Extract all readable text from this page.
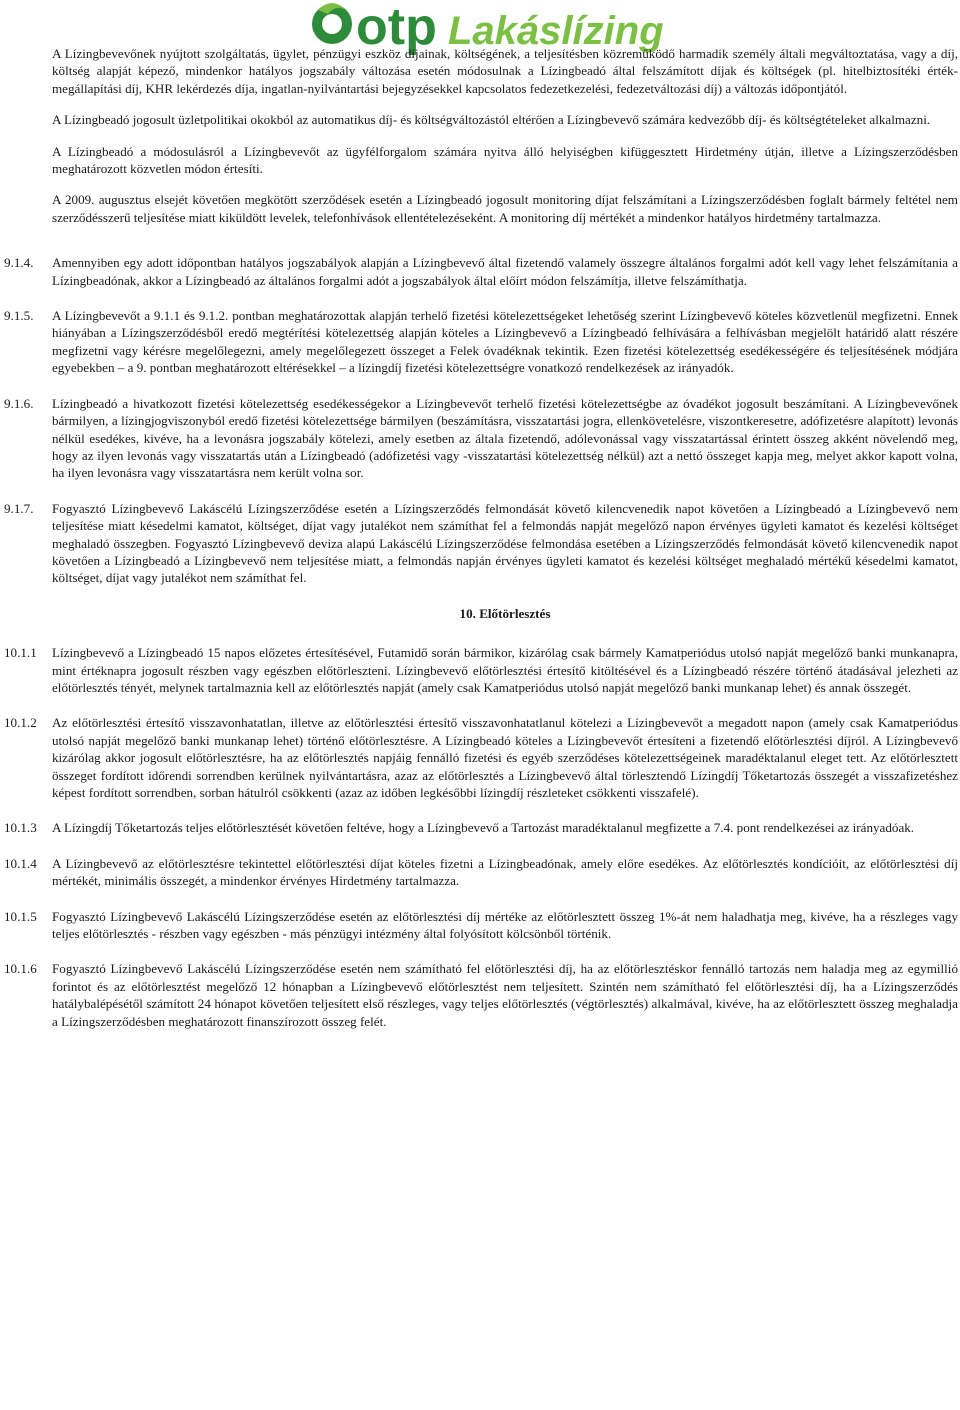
otp Lakáslízing

A Lízingbevevőnek nyújtott szolgáltatás, ügylet, pénzügyi eszköz díjainak, költségének, a teljesítésben közreműködő harmadik személy általi megváltoztatása, vagy a díj, költség alapját képező, mindenkor hatályos jogszabály változása esetén módosulnak a Lízingbeadó által felszámított díjak és költségek (pl. hitelbiztosítéki érték-megállapítási díj, KHR lekérdezés díja, ingatlan-nyilvántartási bejegyzésekkel kapcsolatos fedezetkezelési, fedezetváltozási díj) a változás időpontjától.

A Lízingbeadó jogosult üzletpolitikai okokból az automatikus díj- és költségváltozástól eltérően a Lízingbevevő számára kedvezőbb díj- és költségtételeket alkalmazni.

A Lízingbeadó a módosulásról a Lízingbevevőt az ügyfélforgalom számára nyitva álló helyiségben kifüggesztett Hirdetmény útján, illetve a Lízingszerződésben meghatározott közvetlen módon értesíti.

A 2009. augusztus elsejét követően megkötött szerződések esetén a Lízingbeadó jogosult monitoring díjat felszámítani a Lízingszerződésben foglalt bármely feltétel nem szerződésszerű teljesítése miatt kiküldött levelek, telefonhívások ellentételezéseként. A monitoring díj mértékét a mindenkor hatályos hirdetmény tartalmazza.

9.1.4. Amennyiben egy adott időpontban hatályos jogszabályok alapján a Lízingbevevő által fizetendő valamely összegre általános forgalmi adót kell vagy lehet felszámítania a Lízingbeadónak, akkor a Lízingbeadó az általános forgalmi adót a jogszabályok által előírt módon felszámítja, illetve felszámíthatja.

9.1.5. A Lízingbevevőt a 9.1.1 és 9.1.2. pontban meghatározottak alapján terhelő fizetési kötelezettségeket lehetőség szerint Lízingbevevő köteles közvetlenül megfizetni. Ennek hiányában a Lízingszerződésből eredő megtérítési kötelezettség alapján köteles a Lízingbevevő a Lízingbeadó felhívására a felhívásban megjelölt határidő alatt részére megfizetni vagy kérésre megelőlegezni, amely megelőlegezett összeget a Felek óvadéknak tekintik. Ezen fizetési kötelezettség esedékességére és teljesítésének módjára egyebekben – a 9. pontban meghatározott eltérésekkel – a lízingdíj fizetési kötelezettségre vonatkozó rendelkezések az irányadók.

9.1.6. Lízingbeadó a hivatkozott fizetési kötelezettség esedékességekor a Lízingbevevőt terhelő fizetési kötelezettségbe az óvadékot jogosult beszámítani. A Lízingbevevőnek bármilyen, a lízingjogviszonyból eredő fizetési kötelezettsége bármilyen (beszámításra, visszatartási jogra, ellenkövetelésre, viszontkeresetre, adófizetésre alapított) levonás nélkül esedékes, kivéve, ha a levonásra jogszabály kötelezi, amely esetben az általa fizetendő, adólevonással vagy visszatartással érintett összeg akként növelendő meg, hogy az ilyen levonás vagy visszatartás után a Lízingbeadó (adófizetési vagy -visszatartási kötelezettség nélkül) azt a nettó összeget kapja meg, melyet akkor kapott volna, ha ilyen levonásra vagy visszatartásra nem került volna sor.

9.1.7. Fogyasztó Lízingbevevő Lakáscélú Lízingszerződése esetén a Lízingszerződés felmondását követő kilencvenedik napot követően a Lízingbeadó a Lízingbevevő nem teljesítése miatt késedelmi kamatot, költséget, díjat vagy jutalékot nem számíthat fel a felmondás napját megelőző napon érvényes ügyleti kamatot és kezelési költséget meghaladó összegben. Fogyasztó Lízingbevevő deviza alapú Lakáscélú Lízingszerződése felmondása esetében a Lízingszerződés felmondását követő kilencvenedik napot követően a Lízingbeadó a Lízingbevevő nem teljesítése miatt, a felmondás napján érvényes ügyleti kamatot és kezelési költséget meghaladó mértékű késedelmi kamatot, költséget, díjat vagy jutalékot nem számíthat fel.

10. Előtörlesztés
10.1.1 Lízingbevevő a Lízingbeadó 15 napos előzetes értesítésével, Futamidő során bármikor, kizárólag csak bármely Kamatperiódus utolsó napját megelőző banki munkanapra, mint értéknapra jogosult részben vagy egészben előtörleszteni. Lízingbevevő előtörlesztési értesítő kitöltésével és a Lízingbeadó részére történő átadásával jelezheti az előtörlesztés tényét, melynek tartalmaznia kell az előtörlesztés napját (amely csak Kamatperiódus utolsó napját megelőző banki munkanap lehet) és annak összegét.

10.1.2 Az előtörlesztési értesítő visszavonhatatlan, illetve az előtörlesztési értesítő visszavonhatatlanul kötelezi a Lízingbevevőt a megadott napon (amely csak Kamatperiódus utolsó napját megelőző banki munkanap lehet) történő előtörlesztésre. A Lízingbeadó köteles a Lízingbevevőt értesíteni a fizetendő előtörlesztési díjról. A Lízingbevevő kizárólag akkor jogosult előtörlesztésre, ha az előtörlesztés napjáig fennálló fizetési és egyéb szerződéses kötelezettségeinek maradéktalanul eleget tett. Az előtörlesztett összeget fordított időrendi sorrendben kerülnek nyilvántartásra, azaz az előtörlesztés a Lízingbevevő által törlesztendő Lízingdíj Tőketartozás összegét a visszafizetéshez képest fordított sorrendben, sorban hátulról csökkenti (azaz az időben legkésőbbi lízingdíj részleteket csökkenti visszafelé).

10.1.3 A Lízingdíj Tőketartozás teljes előtörlesztését követően feltéve, hogy a Lízingbevevő a Tartozást maradéktalanul megfizette a 7.4. pont rendelkezései az irányadóak.

10.1.4 A Lízingbevevő az előtörlesztésre tekintettel előtörlesztési díjat köteles fizetni a Lízingbeadónak, amely előre esedékes. Az előtörlesztés kondícióit, az előtörlesztési díj mértékét, minimális összegét, a mindenkor érvényes Hirdetmény tartalmazza.

10.1.5 Fogyasztó Lízingbevevő Lakáscélú Lízingszerződése esetén az előtörlesztési díj mértéke az előtörlesztett összeg 1%-át nem haladhatja meg, kivéve, ha a részleges vagy teljes előtörlesztés - részben vagy egészben - más pénzügyi intézmény által folyósított kölcsönből történik.

10.1.6 Fogyasztó Lízingbevevő Lakáscélú Lízingszerződése esetén nem számítható fel előtörlesztési díj, ha az előtörlesztéskor fennálló tartozás nem haladja meg az egymillió forintot és az előtörlesztést megelőző 12 hónapban a Lízingbevevő előtörlesztést nem teljesített. Szintén nem számítható fel előtörlesztési díj, ha a Lízingszerződés hatálybalépésétől számított 24 hónapot követően teljesített első részleges, vagy teljes előtörlesztés (végtörlesztés) alkalmával, kivéve, ha az előtörlesztett összeg meghaladja a Lízingszerződésben meghatározott finanszírozott összeg felét.
